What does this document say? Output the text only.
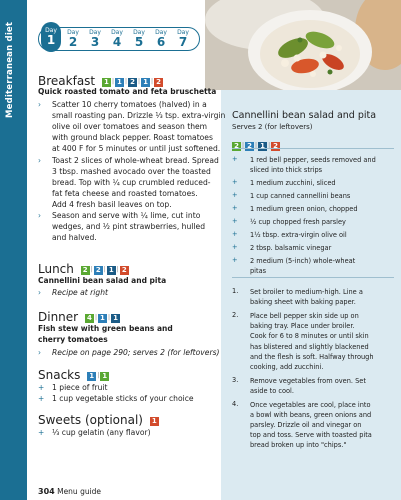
Mediterranean diet	Day
1
Day
2
Day
3
Day
4
Day
5
Day
6
Day
7
Breakfast 1 | 1 | 2 | 1 | 2
Quick roasted tomato and feta bruschetta
› Scatter 10 cherry tomatoes (halved) in a
small roasting pan. Drizzle ⅓ tsp. extra-virgin
olive oil over tomatoes and season them
with ground black pepper. Roast tomatoes
at 400 F for 5 minutes or until just softened.
› Toast 2 slices of whole-wheat bread. Spread
3 tbsp. mashed avocado over the toasted
bread. Top with ¼ cup crumbled reduced-
fat feta cheese and roasted tomatoes.
Add 4 fresh basil leaves on top.
› Season and serve with ¼ lime, cut into
wedges, and ½ pint strawberries, hulled
and halved.
Lunch 2 | 2 | 1 | 2
Cannellini bean salad and pita
› Recipe at right
Dinner 4 | 1 | 1
Fish stew with green beans and
cherry tomatoes
› Recipe on page 290; serves 2 (for leftovers)
Snacks 1 | 1
+ 1 piece of fruit
+ 1 cup vegetable sticks of your choice
Sweets (optional) 1
+ ⅓ cup gelatin (any flavor)
304 Menu guide
Cannellini bean salad and pita
Serves 2 (for leftovers)
2 | 2 | 1 | 2
+ 1 red bell pepper, seeds removed and
sliced into thick strips
+ 1 medium zucchini, sliced
+ 1 cup canned cannellini beans
+ 1 medium green onion, chopped
+ ½ cup chopped fresh parsley
+ 1½ tbsp. extra-virgin olive oil
+ 2 tbsp. balsamic vinegar
+ 2 medium (5-inch) whole-wheat
pitas
1. Set broiler to medium-high. Line a
baking sheet with baking paper.
2. Place bell pepper skin side up on
baking tray. Place under broiler.
Cook for 6 to 8 minutes or until skin
has blistered and slightly blackened
and the flesh is soft. Halfway through
cooking, add zucchini.
3. Remove vegetables from oven. Set
aside to cool.
4. Once vegetables are cool, place into
a bowl with beans, green onions and
parsley. Drizzle oil and vinegar on
top and toss. Serve with toasted pita
bread broken up into "chips."
